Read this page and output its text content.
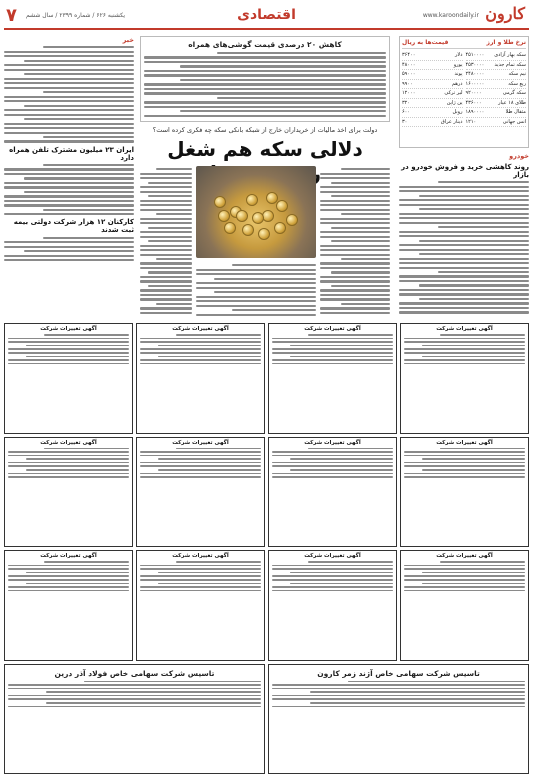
۷ یکشنبه ۶۲۶ / شماره ۲۳۹۹ / سال ششم	اقتصادی	کارون
www.karoondaily.ir
نرخ طلا و ارز
قیمت‌ها به ریال
سکه بهار آزادی
۴۵۱۰۰۰۰
سکه تمام جدید
۴۵۳۰۰۰۰
نیم سکه
۲۴۸۰۰۰۰
ربع سکه
۱۶۰۰۰۰۰
سکه گرمی
۹۲۰۰۰۰
طلای ۱۸ عیار
۴۳۶۰۰۰
مثقال طلا
۱۸۹۰۰۰۰
انس جهانی
۱۲۱۰
دلار
۳۶۴۰۰
یورو
۴۸۰۰۰
پوند
۵۹۰۰۰
درهم
۹۹۰۰
لیر ترکی
۱۲۰۰۰
ین ژاپن
۳۲۰
روبل
۶۰۰
دینار عراق
۳۰
خودرو
روند کاهشی خرید و فروش خودرو در بازار
کاهش ۲۰ درصدی قیمت گوشی‌های همراه
دولت برای اخذ مالیات از خریداران خارج از شبکه بانکی سکه چه فکری کرده است؟
دلالی سکه هم شغل
خبر
ایران ۲۳ میلیون مشترک تلفن همراه دارد
کارکنان ۱۲ هزار شرکت دولتی بیمه ثبت شدند
آگهی تغییرات شرکت
آگهی تغییرات شرکت
آگهی تغییرات شرکت
آگهی تغییرات شرکت
آگهی تغییرات شرکت
آگهی تغییرات شرکت
آگهی تغییرات شرکت
آگهی تغییرات شرکت
آگهی تغییرات شرکت
آگهی تغییرات شرکت
آگهی تغییرات شرکت
آگهی تغییرات شرکت
تاسیس شرکت سهامی خاص آژند زمر کارون
تاسیس شرکت سهامی خاص فولاد آذر درین
